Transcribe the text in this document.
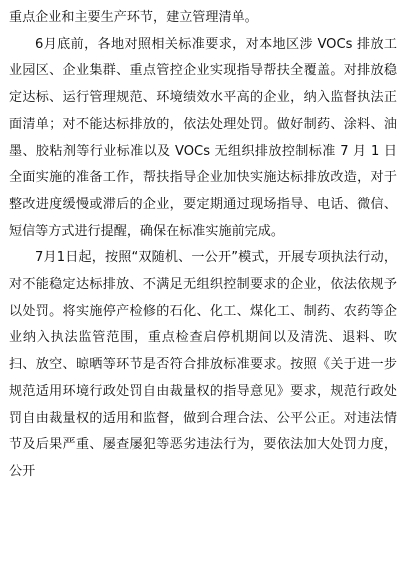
重点企业和主要生产环节，建立管理清单。

6月底前，各地对照相关标准要求，对本地区涉 VOCs 排放工业园区、企业集群、重点管控企业实现指导帮扶全覆盖。对排放稳定达标、运行管理规范、环境绩效水平高的企业，纳入监督执法正面清单；对不能达标排放的，依法处理处罚。做好制药、涂料、油墨、胶粘剂等行业标准以及 VOCs 无组织排放控制标准 7 月 1 日全面实施的准备工作，帮扶指导企业加快实施达标排放改造，对于整改进度缓慢或滞后的企业，要定期通过现场指导、电话、微信、短信等方式进行提醒，确保在标准实施前完成。

7月1日起，按照“双随机、一公开”模式，开展专项执法行动，对不能稳定达标排放、不满足无组织控制要求的企业，依法依规予以处罚。将实施停产检修的石化、化工、煤化工、制药、农药等企业纳入执法监管范围，重点检查启停机期间以及清洗、退料、吹扫、放空、晾晒等环节是否符合排放标准要求。按照《关于进一步规范适用环境行政处罚自由裁量权的指导意见》要求，规范行政处罚自由裁量权的适用和监督，做到合理合法、公平公正。对违法情节及后果严重、屡查屡犯等恶劣违法行为，要依法加大处罚力度，公开
